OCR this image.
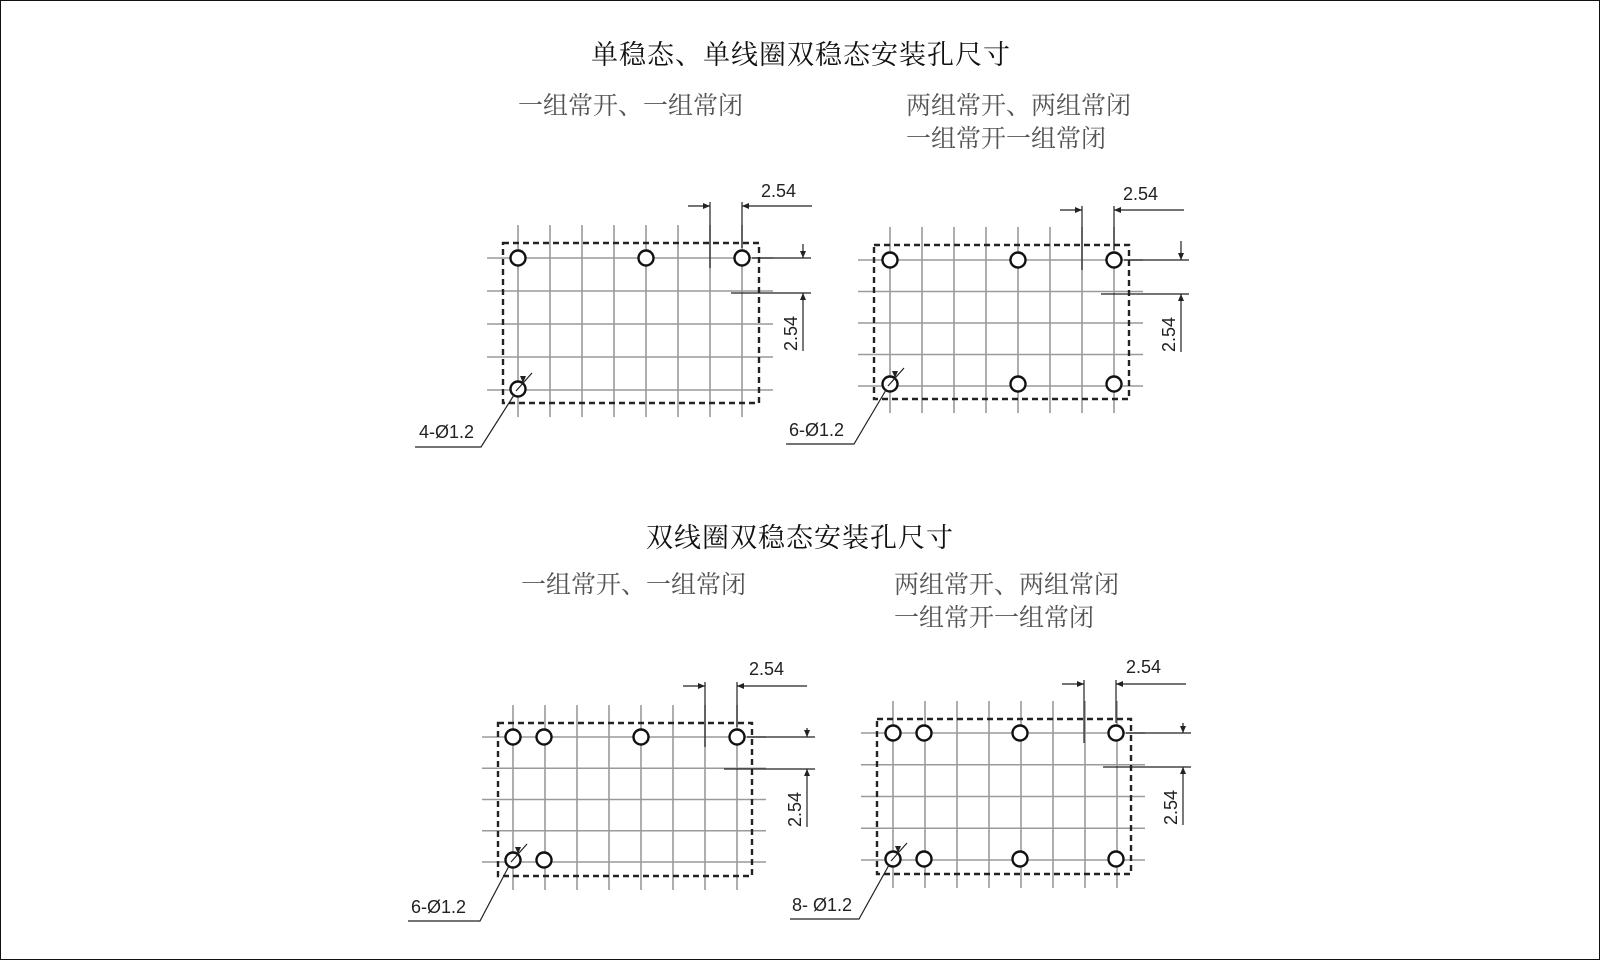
单稳态、单线圈双稳态安装孔尺寸
一组常开、一组常闭	两组常开、两组常闭
一组常开一组常闭
双线圈双稳态安装孔尺寸
一组常开、一组常闭	两组常开、两组常闭
一组常开一组常闭
2.54
2.54
4-Ø1.2
2.54
2.54
6-Ø1.2
2.54
2.54
6-Ø1.2
2.54
2.54
8- Ø1.2
